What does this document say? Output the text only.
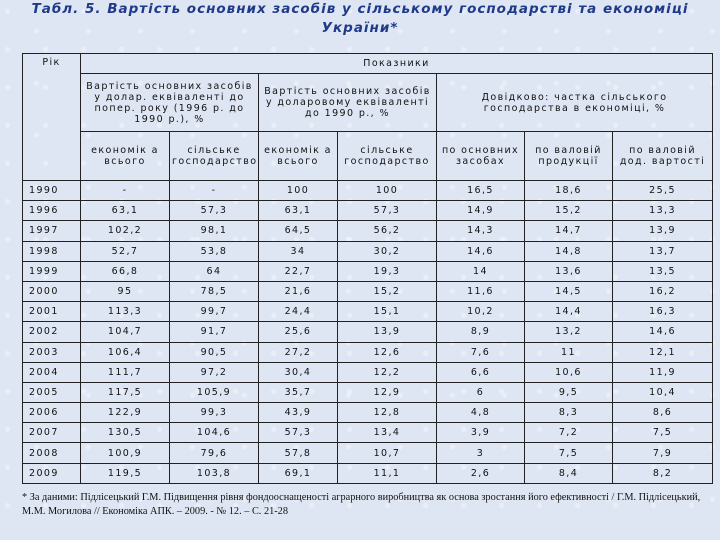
Табл. 5. Вартість основних засобів у сільському господарстві та економіці України*
Рік	Показники						
	Вартість основних засобів у долар. еквіваленті до попер. року (1996 р. до 1990 р.), %		Вартість основних засобів у доларовому еквіваленті до 1990 р., %		Довідково: частка сільського господарства в економіці, %		
	економік а всього	сільське господарство	економік а всього	сільське господарство	по основних засобах	по валовій продукції	по валовій дод. вартості
1990	-	-	100	100	16,5	18,6	25,5
1996	63,1	57,3	63,1	57,3	14,9	15,2	13,3
1997	102,2	98,1	64,5	56,2	14,3	14,7	13,9
1998	52,7	53,8	34	30,2	14,6	14,8	13,7
1999	66,8	64	22,7	19,3	14	13,6	13,5
2000	95	78,5	21,6	15,2	11,6	14,5	16,2
2001	113,3	99,7	24,4	15,1	10,2	14,4	16,3
2002	104,7	91,7	25,6	13,9	8,9	13,2	14,6
2003	106,4	90,5	27,2	12,6	7,6	11	12,1
2004	111,7	97,2	30,4	12,2	6,6	10,6	11,9
2005	117,5	105,9	35,7	12,9	6	9,5	10,4
2006	122,9	99,3	43,9	12,8	4,8	8,3	8,6
2007	130,5	104,6	57,3	13,4	3,9	7,2	7,5
2008	100,9	79,6	57,8	10,7	3	7,5	7,9
2009	119,5	103,8	69,1	11,1	2,6	8,4	8,2
* За даними: Підлісецький Г.М. Підвищення рівня фондооснащеності аграрного виробництва як основа зростання його ефективності / Г.М. Підлісецький, М.М. Могилова // Економіка АПК. – 2009. - № 12. – С. 21-28
